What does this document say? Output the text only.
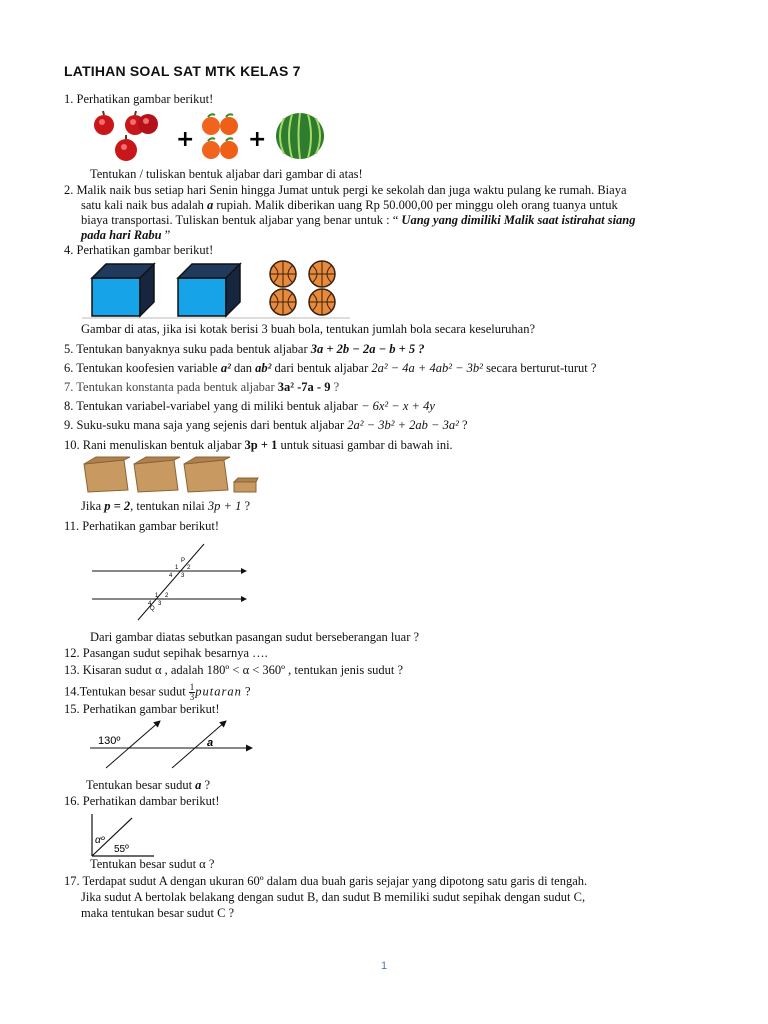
LATIHAN SOAL SAT MTK KELAS 7
1. Perhatikan gambar berikut!
+ +
Tentukan / tuliskan bentuk aljabar dari gambar di atas!
2. Malik naik bus setiap hari Senin hingga Jumat untuk pergi ke sekolah dan juga waktu pulang ke rumah. Biaya
satu kali naik bus adalah a rupiah. Malik diberikan uang Rp 50.000,00 per minggu oleh orang tuanya untuk
biaya transportasi. Tuliskan bentuk aljabar yang benar untuk : “ Uang yang dimiliki Malik saat istirahat siang
pada hari Rabu ”
4. Perhatikan gambar berikut!
Gambar di atas, jika isi kotak berisi 3 buah bola, tentukan jumlah bola secara keseluruhan?
5. Tentukan banyaknya suku pada bentuk aljabar 3a + 2b − 2a − b + 5 ?
6. Tentukan koofesien variable a² dan ab² dari bentuk aljabar 2a² − 4a + 4ab² − 3b² secara berturut-turut ?
7. Tentukan konstanta pada bentuk aljabar 3a² -7a - 9 ?
8. Tentukan variabel-variabel yang di miliki bentuk aljabar − 6x² − x + 4y
9. Suku-suku mana saja yang sejenis dari bentuk aljabar 2a² − 3b² + 2ab − 3a² ?
10. Rani menuliskan bentuk aljabar 3p + 1 untuk situasi gambar di bawah ini.
Jika p = 2, tentukan nilai 3p + 1 ?
11. Perhatikan gambar berikut!
P
1 2
4 3
1 2
4 3
Q
Dari gambar diatas sebutkan pasangan sudut berseberangan luar ?
12. Pasangan sudut sepihak besarnya ….
13. Kisaran sudut α , adalah 180º < α < 360º , tentukan jenis sudut ?
14.Tentukan besar sudut $\frac{1}{3}$ putaran ?
15. Perhatikan gambar berikut!
130º	a
Tentukan besar sudut a ?
16. Perhatikan dambar berikut!
αº
55º
Tentukan besar sudut α ?
17. Terdapat sudut A dengan ukuran 60º dalam dua buah garis sejajar yang dipotong satu garis di tengah.
Jika sudut A bertolak belakang dengan sudut B, dan sudut B memiliki sudut sepihak dengan sudut C,
maka tentukan besar sudut C ?
1
